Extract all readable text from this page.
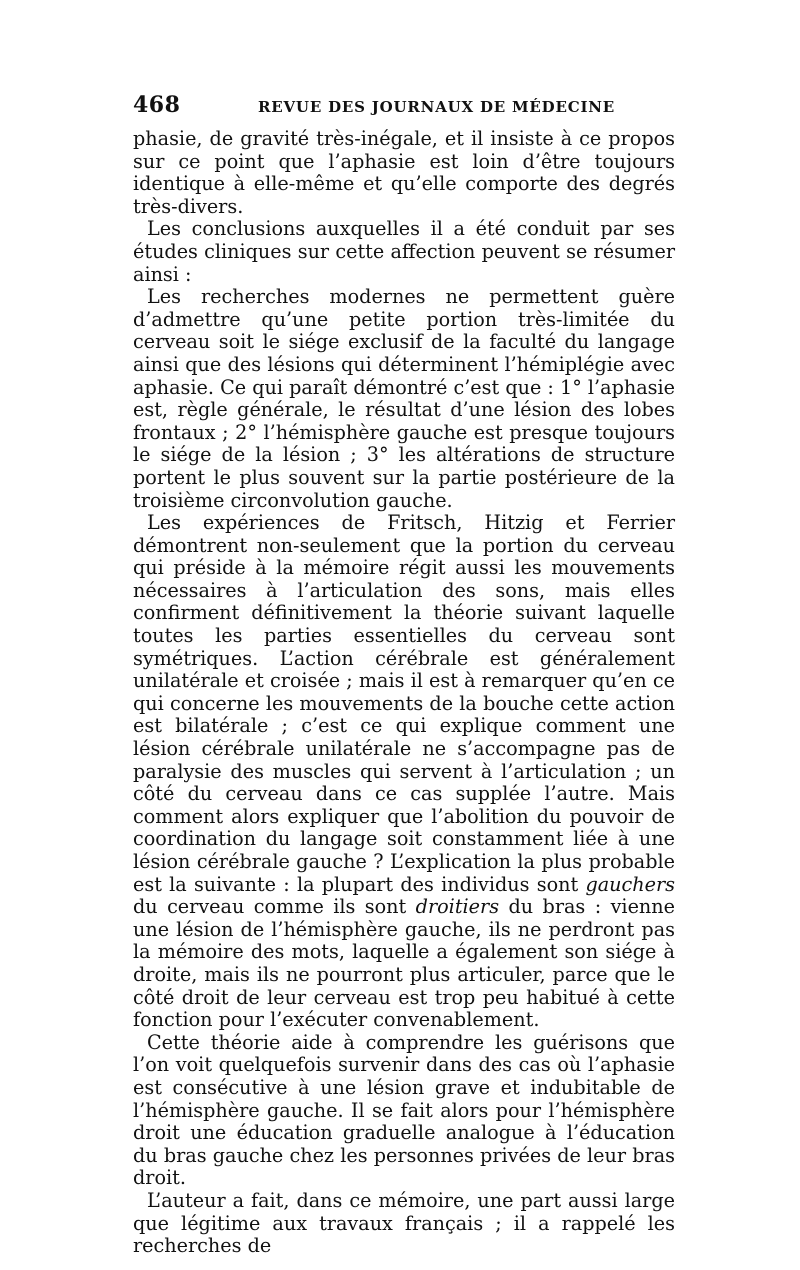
468	REVUE DES JOURNAUX DE MÉDECINE

phasie, de gravité très-inégale, et il insiste à ce propos sur ce point que l’aphasie est loin d’être toujours identique à elle-même et qu’elle comporte des degrés très-divers.

Les conclusions auxquelles il a été conduit par ses études cliniques sur cette affection peuvent se résumer ainsi :

Les recherches modernes ne permettent guère d’admettre qu’une petite portion très-limitée du cerveau soit le siége exclusif de la faculté du langage ainsi que des lésions qui déterminent l’hémiplégie avec aphasie. Ce qui paraît démontré c’est que : 1° l’aphasie est, règle générale, le résultat d’une lésion des lobes frontaux ; 2° l’hémisphère gauche est presque toujours le siége de la lésion ; 3° les altérations de structure portent le plus souvent sur la partie postérieure de la troisième circonvolution gauche.

Les expériences de Fritsch, Hitzig et Ferrier démontrent non-seulement que la portion du cerveau qui préside à la mémoire régit aussi les mouvements nécessaires à l’articulation des sons, mais elles confirment définitivement la théorie suivant laquelle toutes les parties essentielles du cerveau sont symétriques. L’action cérébrale est généralement unilatérale et croisée ; mais il est à remarquer qu’en ce qui concerne les mouvements de la bouche cette action est bilatérale ; c’est ce qui explique comment une lésion cérébrale unilatérale ne s’accompagne pas de paralysie des muscles qui servent à l’articulation ; un côté du cerveau dans ce cas supplée l’autre. Mais comment alors expliquer que l’abolition du pouvoir de coordination du langage soit constamment liée à une lésion cérébrale gauche ? L’explication la plus probable est la suivante : la plupart des individus sont gauchers du cerveau comme ils sont droitiers du bras : vienne une lésion de l’hémisphère gauche, ils ne perdront pas la mémoire des mots, laquelle a également son siége à droite, mais ils ne pourront plus articuler, parce que le côté droit de leur cerveau est trop peu habitué à cette fonction pour l’exécuter convenablement.

Cette théorie aide à comprendre les guérisons que l’on voit quelquefois survenir dans des cas où l’aphasie est consécutive à une lésion grave et indubitable de l’hémisphère gauche. Il se fait alors pour l’hémisphère droit une éducation graduelle analogue à l’éducation du bras gauche chez les personnes privées de leur bras droit.

L’auteur a fait, dans ce mémoire, une part aussi large que légitime aux travaux français ; il a rappelé les recherches de
